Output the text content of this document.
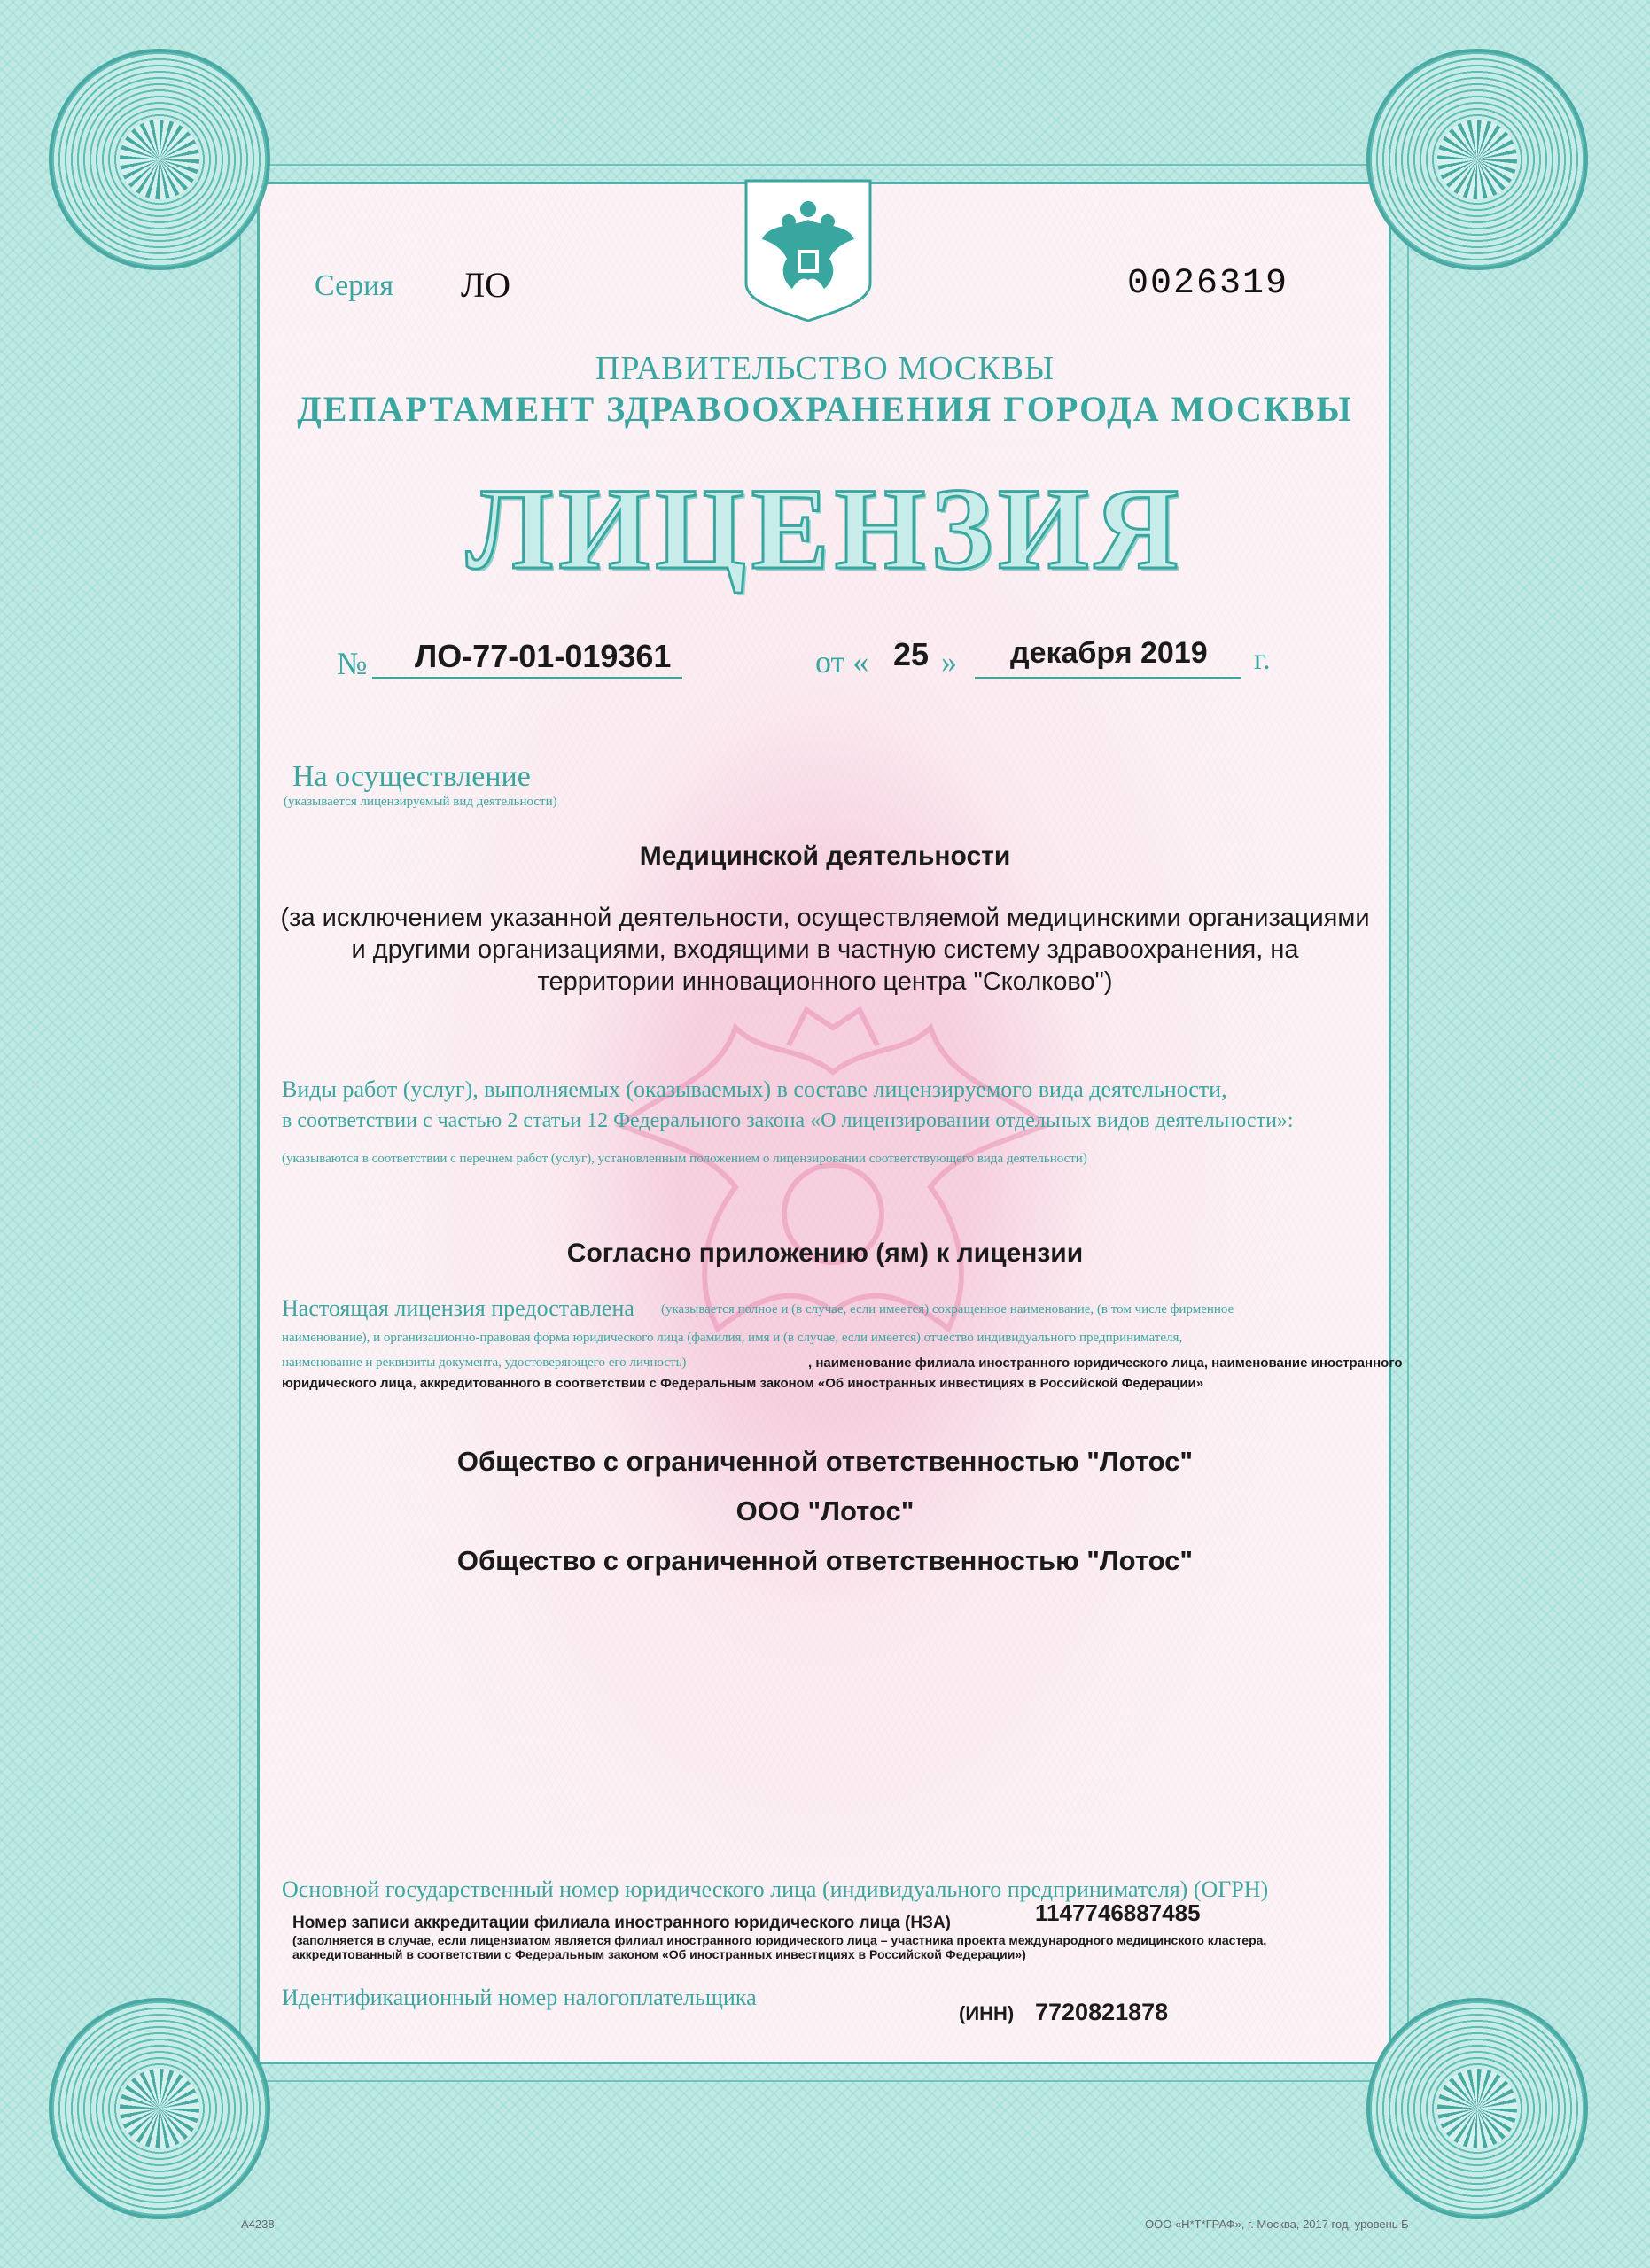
Серия ЛО	0026319
ПРАВИТЕЛЬСТВО МОСКВЫ
ДЕПАРТАМЕНТ ЗДРАВООХРАНЕНИЯ ГОРОДА МОСКВЫ
ЛИЦЕНЗИЯ
№ ЛО-77-01-019361	от « 25 » декабря 2019 г.
На осуществление
(указывается лицензируемый вид деятельности)
Медицинской деятельности
(за исключением указанной деятельности, осуществляемой медицинскими организациями
и другими организациями, входящими в частную систему здравоохранения, на
территории инновационного центра "Сколково")
Виды работ (услуг), выполняемых (оказываемых) в составе лицензируемого вида деятельности,
в соответствии с частью 2 статьи 12 Федерального закона «О лицензировании отдельных видов деятельности»:
(указываются в соответствии с перечнем работ (услуг), установленным положением о лицензировании соответствующего вида деятельности)
Согласно приложению (ям) к лицензии
Настоящая лицензия предоставлена (указывается полное и (в случае, если имеется) сокращенное наименование, (в том числе фирменное
наименование), и организационно-правовая форма юридического лица (фамилия, имя и (в случае, если имеется) отчество индивидуального предпринимателя,
наименование и реквизиты документа, удостоверяющего его личность)	, наименование филиала иностранного юридического лица, наименование иностранного
юридического лица, аккредитованного в соответствии с Федеральным законом «Об иностранных инвестициях в Российской Федерации»
Общество с ограниченной ответственностью "Лотос"
ООО "Лотос"
Общество с ограниченной ответственностью "Лотос"
Основной государственный номер юридического лица (индивидуального предпринимателя) (ОГРН)
Номер записи аккредитации филиала иностранного юридического лица (НЗА)	1147746887485
(заполняется в случае, если лицензиатом является филиал иностранного юридического лица – участника проекта международного медицинского кластера,
аккредитованный в соответствии с Федеральным законом «Об иностранных инвестициях в Российской Федерации»)
Идентификационный номер налогоплательщика
(ИНН) 7720821878
А4238	ООО «Н*Т*ГРАФ», г. Москва, 2017 год, уровень Б
